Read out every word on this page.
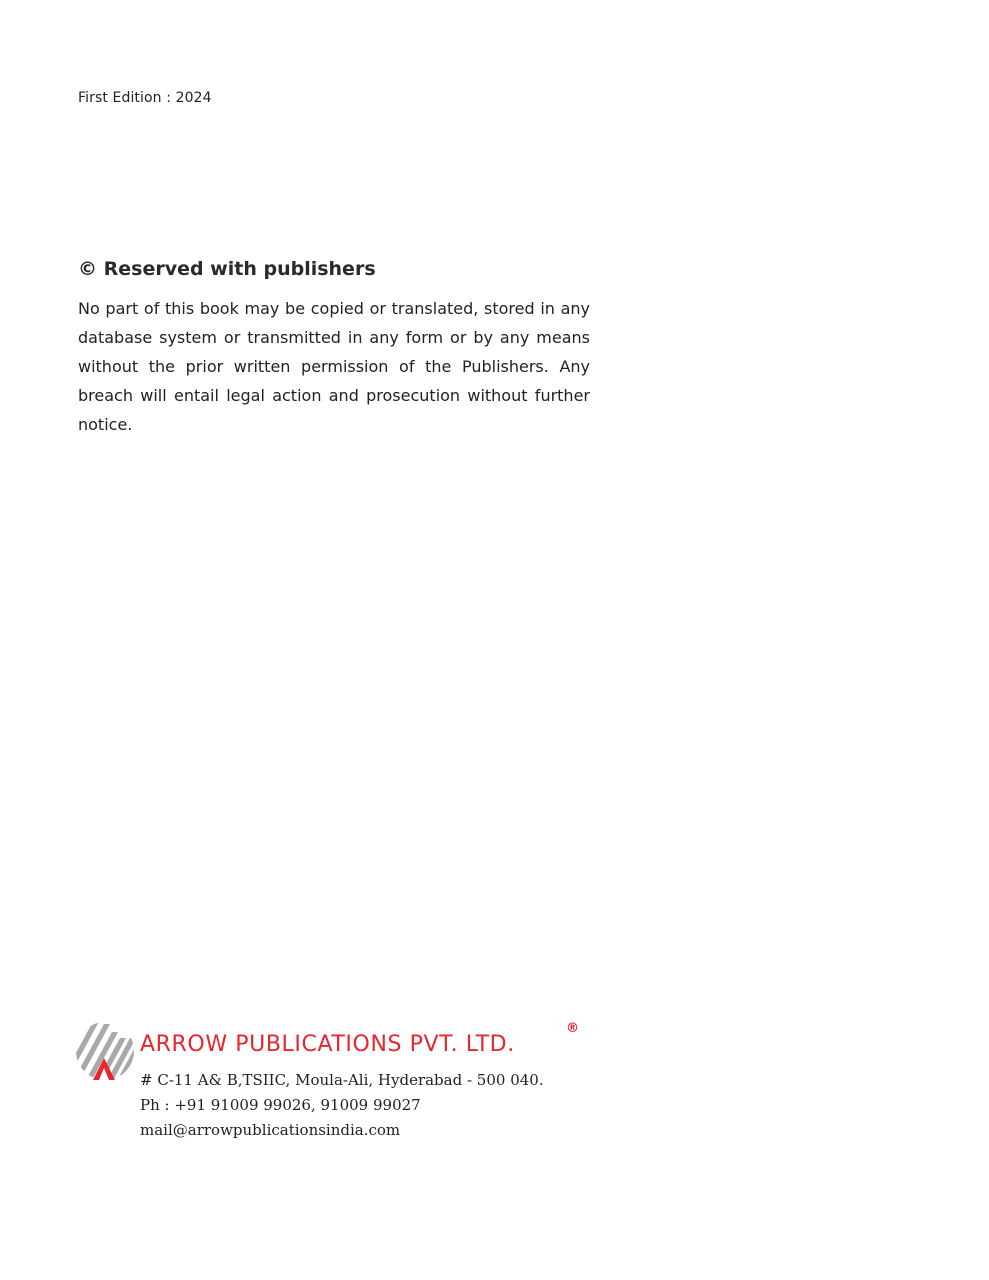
First Edition : 2024
© Reserved with publishers

No part of this book may be copied or translated, stored in any database system or transmitted in any form or by any means without the prior written permission of the Publishers. Any breach will entail legal action and prosecution without further notice.

ARROW PUBLICATIONS PVT. LTD.
®
# C-11 A& B,TSIIC, Moula-Ali, Hyderabad - 500 040.
Ph : +91 91009 99026, 91009 99027
mail@arrowpublicationsindia.com
